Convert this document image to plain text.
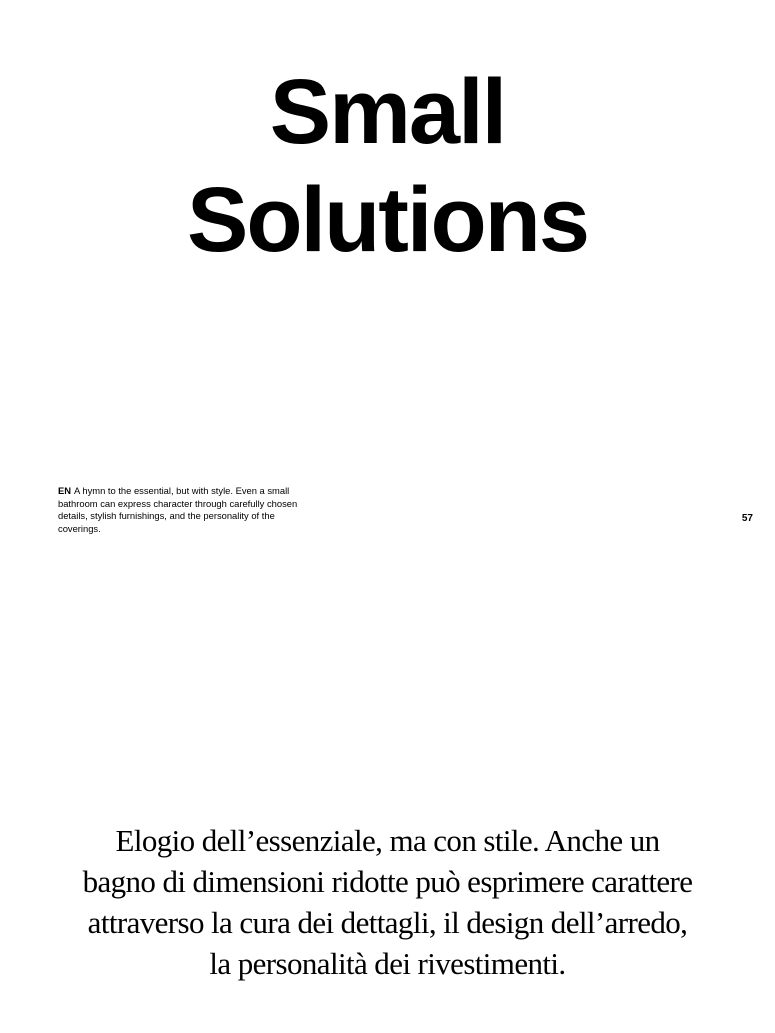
Small
Solutions

EN A hymn to the essential, but with style. Even a small bathroom can express character through carefully chosen details, stylish furnishings, and the personality of the coverings.

57

Elogio dell’essenziale, ma con stile. Anche un
bagno di dimensioni ridotte può esprimere carattere
attraverso la cura dei dettagli, il design dell’arredo,
la personalità dei rivestimenti.
